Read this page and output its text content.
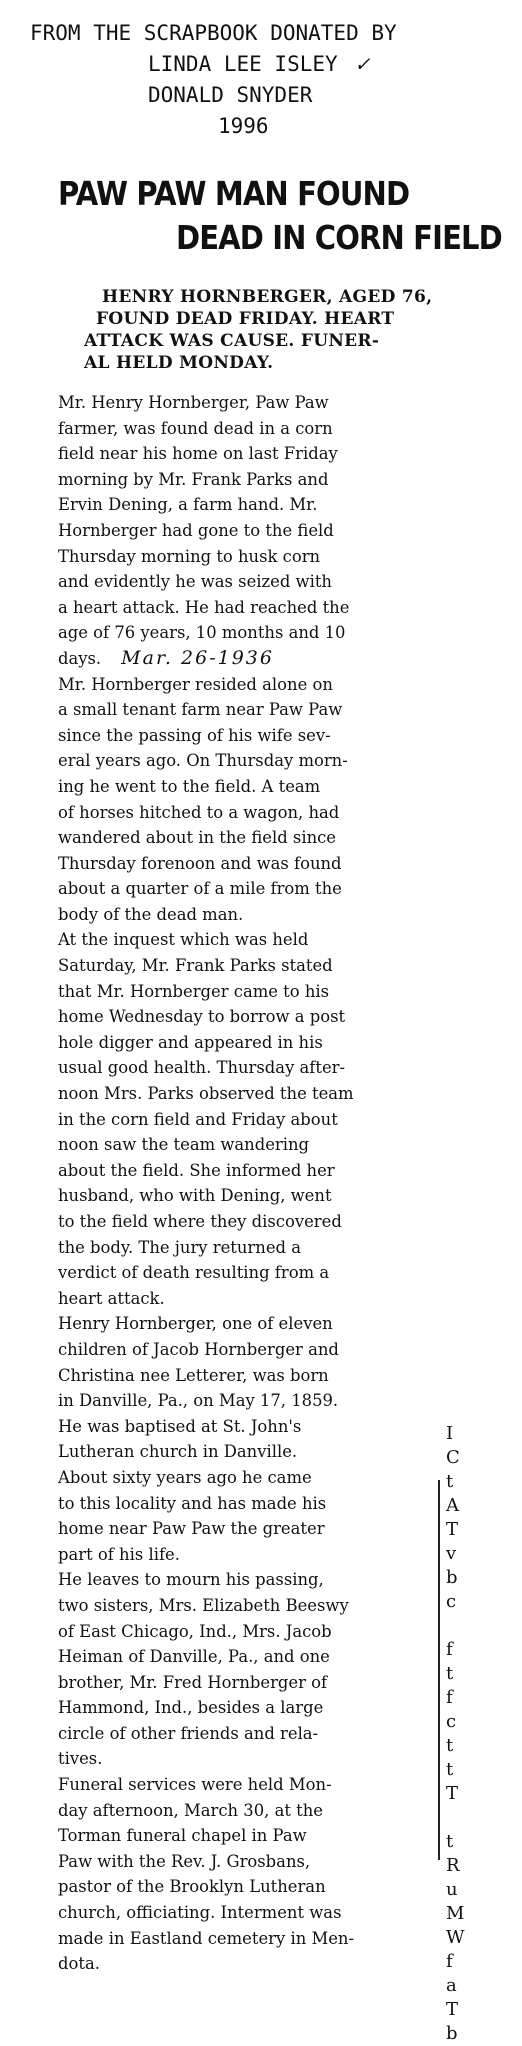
FROM THE SCRAPBOOK DONATED BY
LINDA LEE ISLEY ✓
DONALD SNYDER
1996
PAW PAW MAN FOUND
DEAD IN CORN FIELD
HENRY HORNBERGER, AGED 76,
FOUND DEAD FRIDAY. HEART
ATTACK WAS CAUSE. FUNER-
AL HELD MONDAY.
Mr. Henry Hornberger, Paw Paw
farmer, was found dead in a corn
field near his home on last Friday
morning by Mr. Frank Parks and
Ervin Dening, a farm hand. Mr.
Hornberger had gone to the field
Thursday morning to husk corn
and evidently he was seized with
a heart attack. He had reached the
age of 76 years, 10 months and 10
days. Mar. 26-1936
Mr. Hornberger resided alone on
a small tenant farm near Paw Paw
since the passing of his wife sev-
eral years ago. On Thursday morn-
ing he went to the field. A team
of horses hitched to a wagon, had
wandered about in the field since
Thursday forenoon and was found
about a quarter of a mile from the
body of the dead man.
At the inquest which was held
Saturday, Mr. Frank Parks stated
that Mr. Hornberger came to his
home Wednesday to borrow a post
hole digger and appeared in his
usual good health. Thursday after-
noon Mrs. Parks observed the team
in the corn field and Friday about
noon saw the team wandering
about the field. She informed her
husband, who with Dening, went
to the field where they discovered
the body. The jury returned a
verdict of death resulting from a
heart attack.
Henry Hornberger, one of eleven
children of Jacob Hornberger and
Christina nee Letterer, was born
in Danville, Pa., on May 17, 1859.
He was baptised at St. John's
Lutheran church in Danville.
About sixty years ago he came
to this locality and has made his
home near Paw Paw the greater
part of his life.
He leaves to mourn his passing,
two sisters, Mrs. Elizabeth Beeswy
of East Chicago, Ind., Mrs. Jacob
Heiman of Danville, Pa., and one
brother, Mr. Fred Hornberger of
Hammond, Ind., besides a large
circle of other friends and rela-
tives.
Funeral services were held Mon-
day afternoon, March 30, at the
Torman funeral chapel in Paw
Paw with the Rev. J. Grosbans,
pastor of the Brooklyn Lutheran
church, officiating. Interment was
made in Eastland cemetery in Men-
dota.
I
C
t
A
T
v
b
c
f
t
f
c
t
t
T
t
R
u
M
W
f
a
T
b
